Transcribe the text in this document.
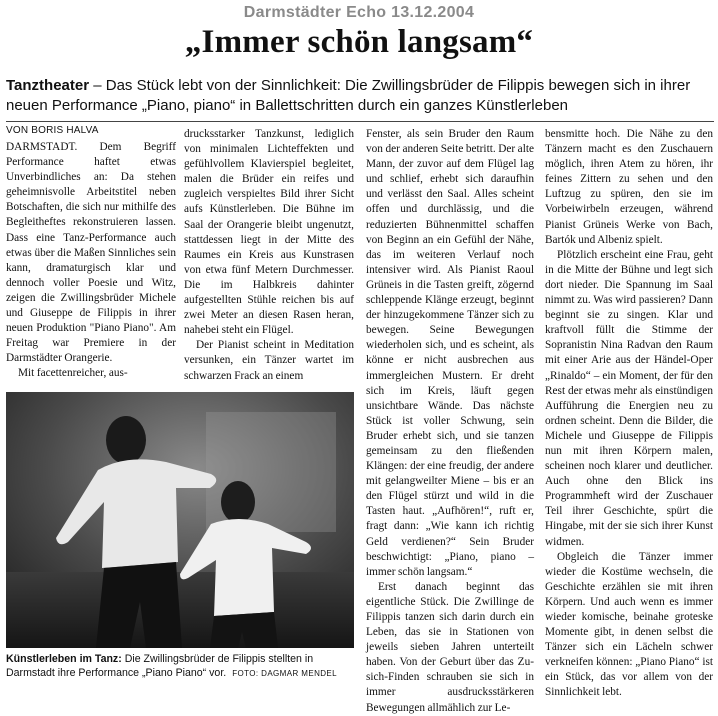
Darmstädter Echo 13.12.2004
„Immer schön langsam“
Tanztheater – Das Stück lebt von der Sinnlichkeit: Die Zwillingsbrüder de Filippis bewegen sich in ihrer neuen Performance „Piano, piano“ in Ballettschritten durch ein ganzes Künstlerleben
VON BORIS HALVA

DARMSTADT. Dem Begriff Performance haftet etwas Unverbindliches an: Da stehen geheimnisvolle Arbeitstitel neben Botschaften, die sich nur mithilfe des Begleitheftes rekonstruieren lassen. Dass eine Tanz-Performance auch etwas über die Maßen Sinnliches sein kann, dramaturgisch klar und dennoch voller Poesie und Witz, zeigen die Zwillingsbrüder Michele und Giuseppe de Filippis in ihrer neuen Produktion "Piano Piano". Am Freitag war Premiere in der Darmstädter Orangerie.

Mit facettenreicher, aus-

drucksstarker Tanzkunst, lediglich von minimalen Lichteffekten und gefühlvollem Klavierspiel begleitet, malen die Brüder ein reifes und zugleich verspieltes Bild ihrer Sicht aufs Künstlerleben. Die Bühne im Saal der Orangerie bleibt ungenutzt, stattdessen liegt in der Mitte des Raumes ein Kreis aus Kunstrasen von etwa fünf Metern Durchmesser. Die im Halbkreis dahinter aufgestellten Stühle reichen bis auf zwei Meter an diesen Rasen heran, nahebei steht ein Flügel.

Der Pianist scheint in Meditation versunken, ein Tänzer wartet im schwarzen Frack an einem

Fenster, als sein Bruder den Raum von der anderen Seite betritt. Der alte Mann, der zuvor auf dem Flügel lag und schlief, erhebt sich daraufhin und verlässt den Saal. Alles scheint offen und durchlässig, und die reduzierten Bühnenmittel schaffen von Beginn an ein Gefühl der Nähe, das im weiteren Verlauf noch intensiver wird. Als Pianist Raoul Grüneis in die Tasten greift, zögernd schleppende Klänge erzeugt, beginnt der hinzugekommene Tänzer sich zu bewegen. Seine Bewegungen wiederholen sich, und es scheint, als könne er nicht ausbrechen aus immergleichen Mustern. Er dreht sich im Kreis, läuft gegen unsichtbare Wände. Das nächste Stück ist voller Schwung, sein Bruder erhebt sich, und sie tanzen gemeinsam zu den fließenden Klängen: der eine freudig, der andere mit gelangweilter Miene – bis er an den Flügel stürzt und wild in die Tasten haut. „Aufhören!“, ruft er, fragt dann: „Wie kann ich richtig Geld verdienen?“ Sein Bruder beschwichtigt: „Piano, piano – immer schön langsam.“

Erst danach beginnt das eigentliche Stück. Die Zwillinge de Filippis tanzen sich darin durch ein Leben, das sie in Stationen von jeweils sieben Jahren unterteilt haben. Von der Geburt über das Zu-sich-Finden schrauben sie sich in immer ausdrucksstärkeren Bewegungen allmählich zur Le-

bensmitte hoch. Die Nähe zu den Tänzern macht es den Zuschauern möglich, ihren Atem zu hören, ihr feines Zittern zu sehen und den Luftzug zu spüren, den sie im Vorbeiwirbeln erzeugen, während Pianist Grüneis Werke von Bach, Bartók und Albeniz spielt.

Plötzlich erscheint eine Frau, geht in die Mitte der Bühne und legt sich dort nieder. Die Spannung im Saal nimmt zu. Was wird passieren? Dann beginnt sie zu singen. Klar und kraftvoll füllt die Stimme der Sopranistin Nina Radvan den Raum mit einer Arie aus der Händel-Oper „Rinaldo“ – ein Moment, der für den Rest der etwas mehr als einstündigen Aufführung die Energien neu zu ordnen scheint. Denn die Bilder, die Michele und Giuseppe de Filippis nun mit ihren Körpern malen, scheinen noch klarer und deutlicher. Auch ohne den Blick ins Programmheft wird der Zuschauer Teil ihrer Geschichte, spürt die Hingabe, mit der sie sich ihrer Kunst widmen.

Obgleich die Tänzer immer wieder die Kostüme wechseln, die Geschichte erzählen sie mit ihren Körpern. Und auch wenn es immer wieder komische, beinahe groteske Momente gibt, in denen selbst die Tänzer sich ein Lächeln schwer verkneifen können: „Piano Piano“ ist ein Stück, das vor allem von der Sinnlichkeit lebt.

Künstlerleben im Tanz: Die Zwillingsbrüder de Filippis stellten in Darmstadt ihre Performance „Piano Piano“ vor. FOTO: DAGMAR MENDEL
